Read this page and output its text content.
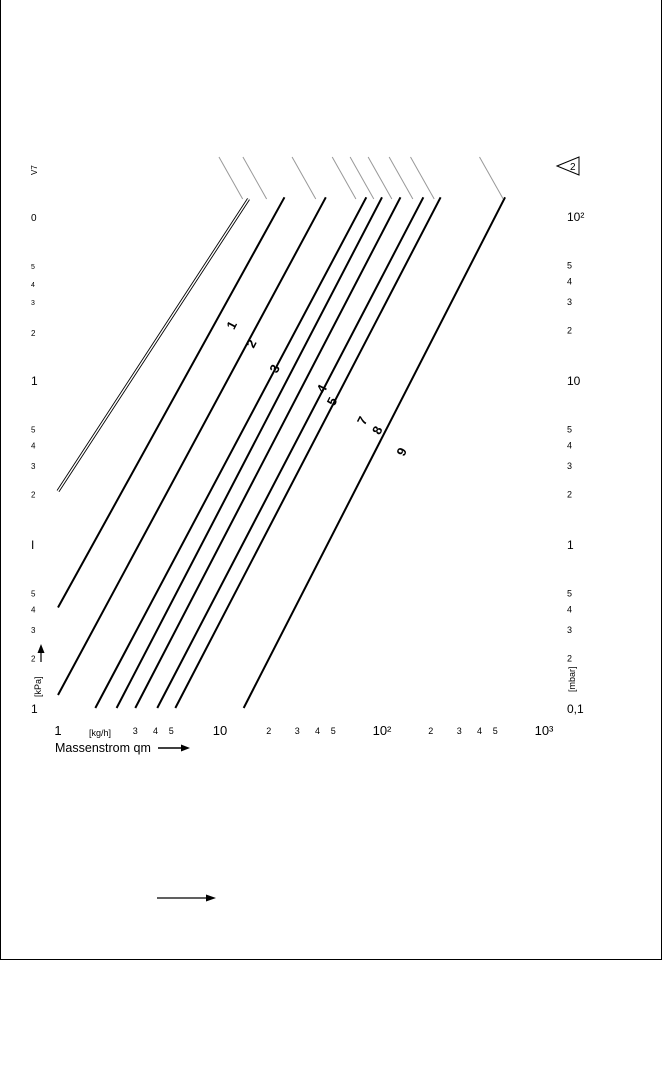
1
2
3
4
5
7
8
9
[kg/h]
Massenstrom qm
[kPa]	[mbar]
2
V7
0
5
4
3
2
1	3 4 5	10	2	3 4 5	10²	2	3 4 5	10³
1
2
3
4
5
I
2
3
4
5
1
0,1
2
3
4
5
1
2
3
4
5
10
2
3
4
5
10²
